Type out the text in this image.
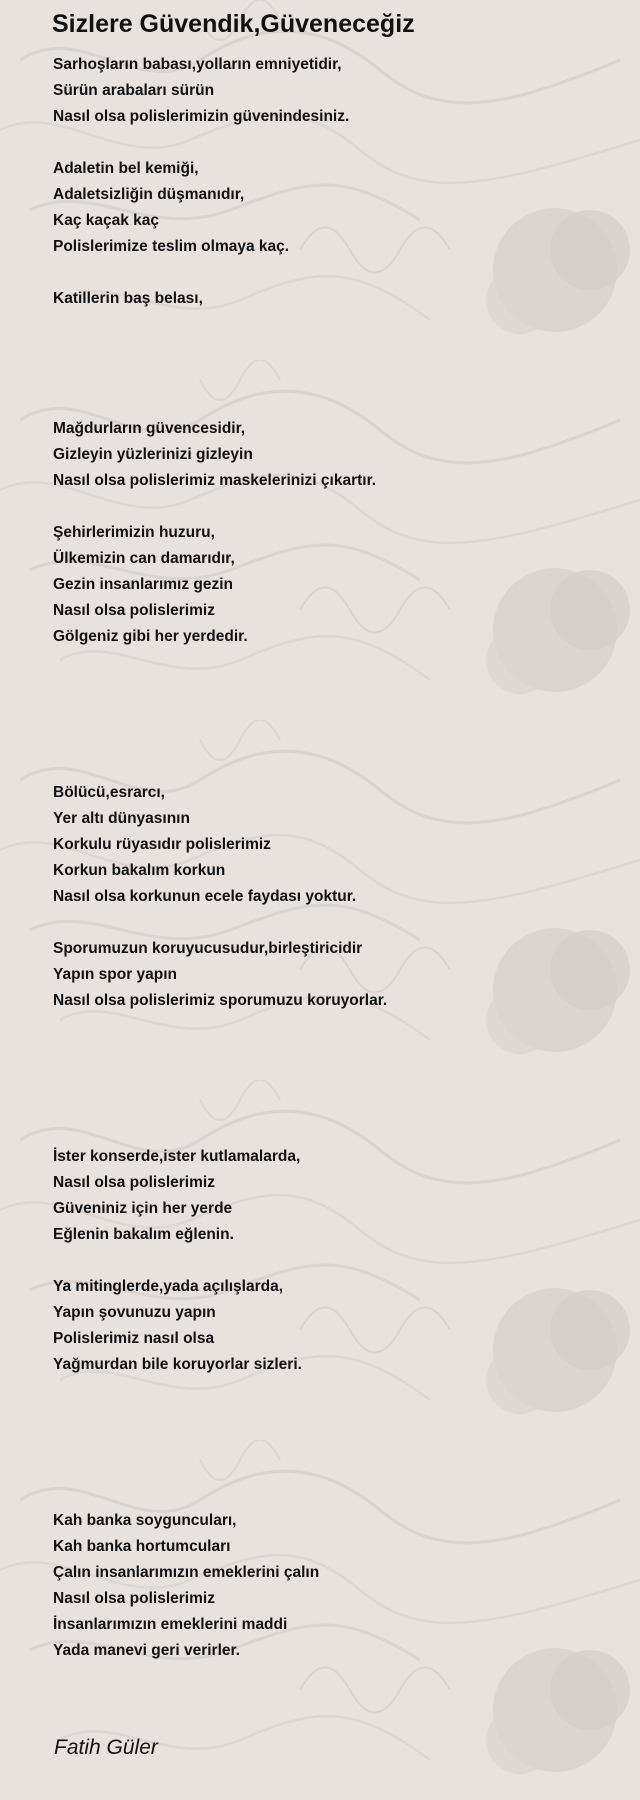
Sizlere Güvendik,Güveneceğiz
Sarhoşların babası,yolların emniyetidir,
Sürün arabaları sürün
Nasıl olsa polislerimizin güvenindesiniz.
Adaletin bel kemiği,
Adaletsizliğin düşmanıdır,
Kaç kaçak kaç
Polislerimize teslim olmaya kaç.
Katillerin baş belası,
Mağdurların güvencesidir,
Gizleyin yüzlerinizi gizleyin
Nasıl olsa polislerimiz maskelerinizi çıkartır.
Şehirlerimizin huzuru,
Ülkemizin can damarıdır,
Gezin insanlarımız gezin
Nasıl olsa polislerimiz
Gölgeniz gibi her yerdedir.
Bölücü,esrarcı,
Yer altı dünyasının
Korkulu rüyasıdır polislerimiz
Korkun bakalım korkun
Nasıl olsa korkunun ecele faydası yoktur.
Sporumuzun koruyucusudur,birleştiricidir
Yapın spor yapın
Nasıl olsa polislerimiz sporumuzu koruyorlar.
İster konserde,ister kutlamalarda,
Nasıl olsa polislerimiz
Güveniniz için her yerde
Eğlenin bakalım eğlenin.
Ya mitinglerde,yada açılışlarda,
Yapın şovunuzu yapın
Polislerimiz nasıl olsa
Yağmurdan bile koruyorlar sizleri.
Kah banka soyguncuları,
Kah banka hortumcuları
Çalın insanlarımızın emeklerini çalın
Nasıl olsa polislerimiz
İnsanlarımızın emeklerini maddi
Yada manevi geri verirler.
Fatih Güler
